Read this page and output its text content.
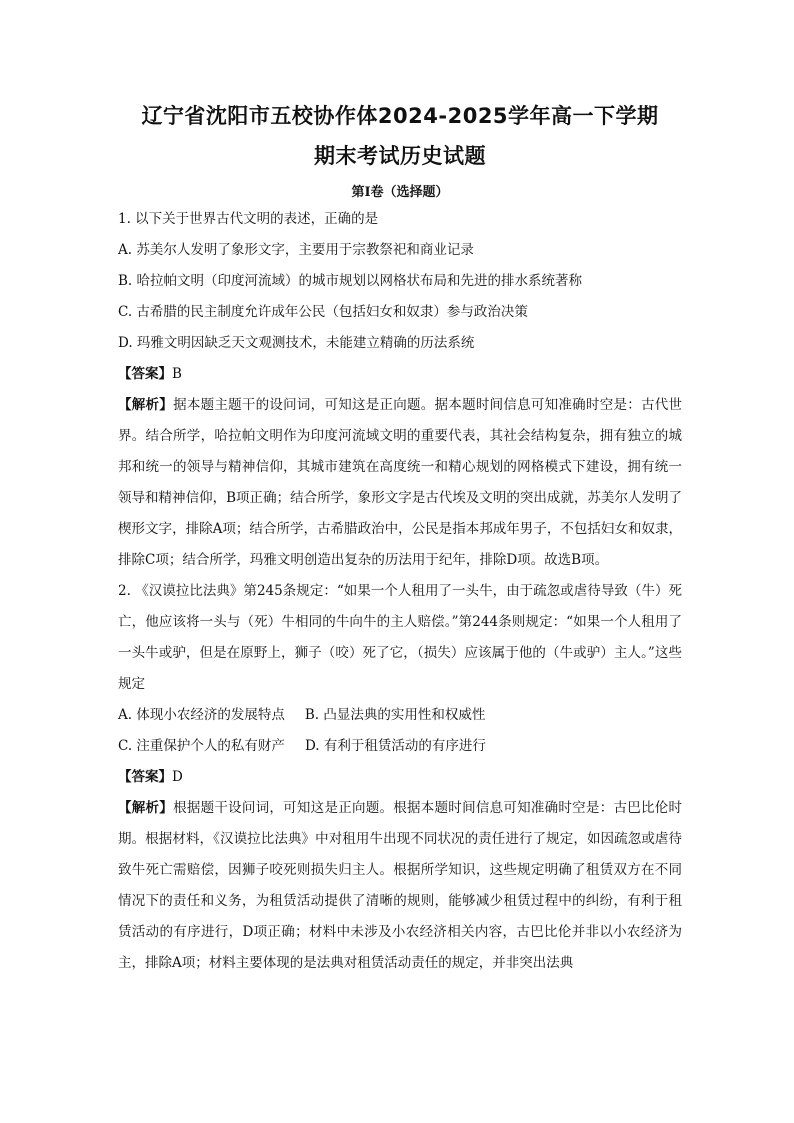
辽宁省沈阳市五校协作体2024-2025学年高一下学期
期末考试历史试题
第Ⅰ卷（选择题）

1. 以下关于世界古代文明的表述，正确的是

A. 苏美尔人发明了象形文字，主要用于宗教祭祀和商业记录

B. 哈拉帕文明（印度河流域）的城市规划以网格状布局和先进的排水系统著称

C. 古希腊的民主制度允许成年公民（包括妇女和奴隶）参与政治决策

D. 玛雅文明因缺乏天文观测技术，未能建立精确的历法系统

【答案】B

【解析】据本题主题干的设问词，可知这是正向题。据本题时间信息可知准确时空是：古代世界。结合所学，哈拉帕文明作为印度河流域文明的重要代表，其社会结构复杂，拥有独立的城邦和统一的领导与精神信仰，其城市建筑在高度统一和精心规划的网格模式下建设，拥有统一领导和精神信仰，B项正确；结合所学，象形文字是古代埃及文明的突出成就，苏美尔人发明了楔形文字，排除A项；结合所学，古希腊政治中，公民是指本邦成年男子，不包括妇女和奴隶，排除C项；结合所学，玛雅文明创造出复杂的历法用于纪年，排除D项。故选B项。

2. 《汉谟拉比法典》第245条规定：“如果一个人租用了一头牛，由于疏忽或虐待导致（牛）死亡，他应该将一头与（死）牛相同的牛向牛的主人赔偿。”第244条则规定：“如果一个人租用了一头牛或驴，但是在原野上，狮子（咬）死了它，（损失）应该属于他的（牛或驴）主人。”这些规定

A. 体现小农经济的发展特点 B. 凸显法典的实用性和权威性
C. 注重保护个人的私有财产 D. 有利于租赁活动的有序进行

【答案】D

【解析】根据题干设问词，可知这是正向题。根据本题时间信息可知准确时空是：古巴比伦时期。根据材料，《汉谟拉比法典》中对租用牛出现不同状况的责任进行了规定，如因疏忽或虐待致牛死亡需赔偿，因狮子咬死则损失归主人。根据所学知识，这些规定明确了租赁双方在不同情况下的责任和义务，为租赁活动提供了清晰的规则，能够减少租赁过程中的纠纷，有利于租赁活动的有序进行，D项正确；材料中未涉及小农经济相关内容，古巴比伦并非以小农经济为主，排除A项；材料主要体现的是法典对租赁活动责任的规定，并非突出法典
